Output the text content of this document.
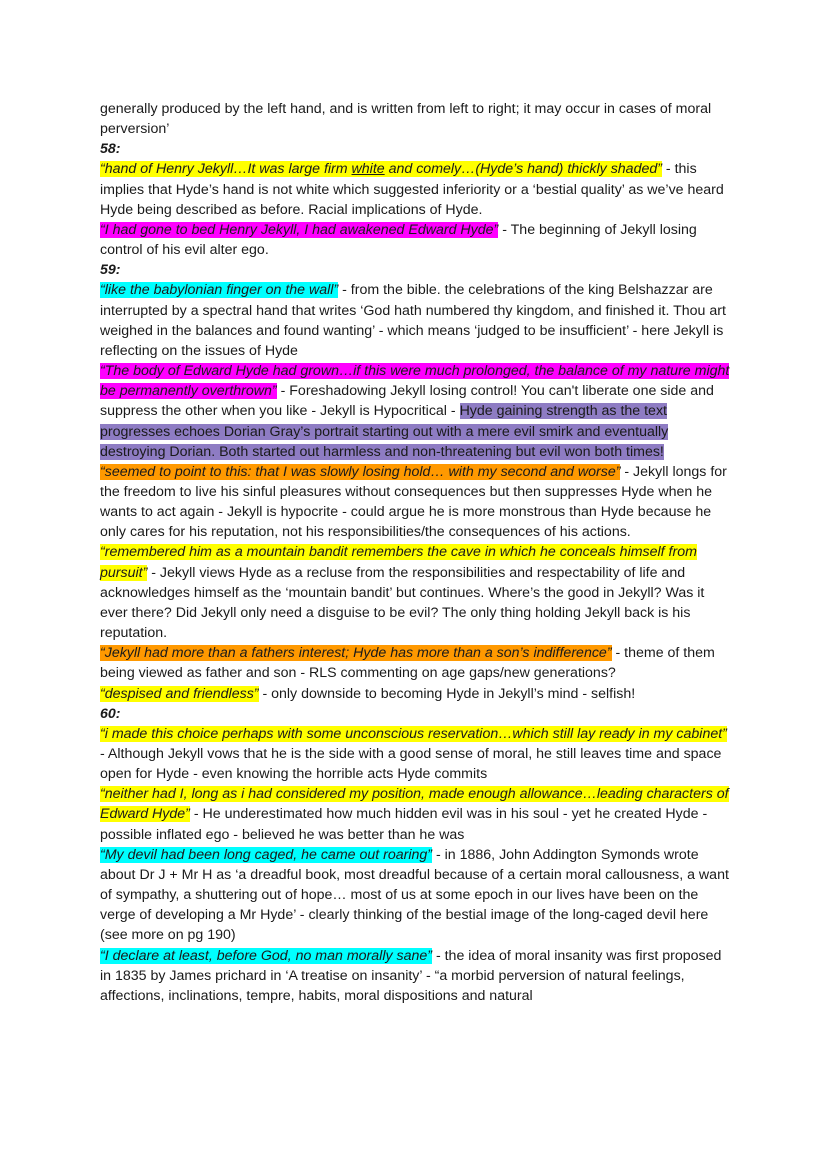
generally produced by the left hand, and is written from left to right; it may occur in cases of moral perversion’

58:

“hand of Henry Jekyll…It was large firm white and comely…(Hyde’s hand) thickly shaded” - this implies that Hyde’s hand is not white which suggested inferiority or a ‘bestial quality’ as we’ve heard Hyde being described as before. Racial implications of Hyde.

“I had gone to bed Henry Jekyll, I had awakened Edward Hyde” - The beginning of Jekyll losing control of his evil alter ego.

59:

“like the babylonian finger on the wall” - from the bible. the celebrations of the king Belshazzar are interrupted by a spectral hand that writes ‘God hath numbered thy kingdom, and finished it. Thou art weighed in the balances and found wanting’ - which means ‘judged to be insufficient’ - here Jekyll is reflecting on the issues of Hyde

“The body of Edward Hyde had grown…if this were much prolonged, the balance of my nature might be permanently overthrown” - Foreshadowing Jekyll losing control! You can't liberate one side and suppress the other when you like - Jekyll is Hypocritical - Hyde gaining strength as the text progresses echoes Dorian Gray’s portrait starting out with a mere evil smirk and eventually destroying Dorian. Both started out harmless and non-threatening but evil won both times!

“seemed to point to this: that I was slowly losing hold… with my second and worse” - Jekyll longs for the freedom to live his sinful pleasures without consequences but then suppresses Hyde when he wants to act again - Jekyll is hypocrite - could argue he is more monstrous than Hyde because he only cares for his reputation, not his responsibilities/the consequences of his actions.

“remembered him as a mountain bandit remembers the cave in which he conceals himself from pursuit” - Jekyll views Hyde as a recluse from the responsibilities and respectability of life and acknowledges himself as the ‘mountain bandit’ but continues. Where’s the good in Jekyll? Was it ever there? Did Jekyll only need a disguise to be evil? The only thing holding Jekyll back is his reputation.

“Jekyll had more than a fathers interest; Hyde has more than a son’s indifference” - theme of them being viewed as father and son - RLS commenting on age gaps/new generations?

“despised and friendless” - only downside to becoming Hyde in Jekyll’s mind - selfish!

60:

“i made this choice perhaps with some unconscious reservation…which still lay ready in my cabinet” - Although Jekyll vows that he is the side with a good sense of moral, he still leaves time and space open for Hyde - even knowing the horrible acts Hyde commits

“neither had I, long as i had considered my position, made enough allowance…leading characters of Edward Hyde” - He underestimated how much hidden evil was in his soul - yet he created Hyde - possible inflated ego - believed he was better than he was

“My devil had been long caged, he came out roaring” - in 1886, John Addington Symonds wrote about Dr J + Mr H as ‘a dreadful book, most dreadful because of a certain moral callousness, a want of sympathy, a shuttering out of hope… most of us at some epoch in our lives have been on the verge of developing a Mr Hyde’ - clearly thinking of the bestial image of the long-caged devil here (see more on pg 190)

“I declare at least, before God, no man morally sane” - the idea of moral insanity was first proposed in 1835 by James prichard in ‘A treatise on insanity’ - “a morbid perversion of natural feelings, affections, inclinations, tempre, habits, moral dispositions and natural
